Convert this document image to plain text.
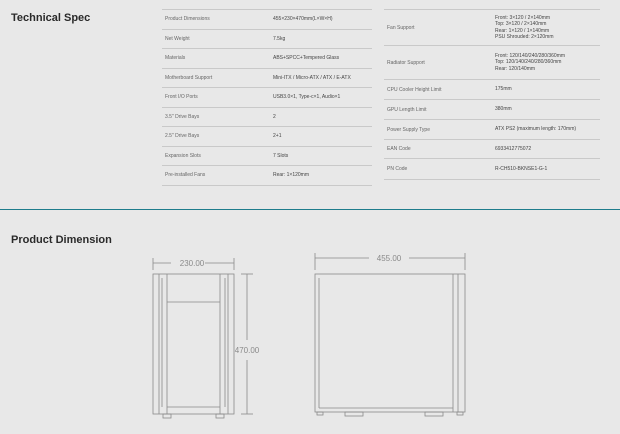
Technical Spec	Product Dimensions	455×230×470mm(L×W×H)

Net Weight	7.5kg

Materials	ABS+SPCC+Tempered Glass

Motherboard Support	Mini-ITX / Micro-ATX / ATX / E-ATX

Front I/O Ports	USB3.0×1, Type-c×1, Audio×1

3.5" Drive Bays	2

2.5" Drive Bays	2+1

Expansion Slots	7 Slots

Pre-installed Fans	Rear: 1×120mm
Fan Support	Front: 3×120 / 2×140mm
Top: 3×120 / 2×140mm
Rear: 1×120 / 1×140mm
PSU Shrouded: 2×120mm

Radiator Support	Front: 120/140/240/280/360mm
Top: 120/140/240/280/360mm
Rear: 120/140mm

CPU Cooler Height Limit	175mm

GPU Length Limit	380mm

Power Supply Type	ATX PS2 (maximum length: 170mm)

EAN Code	6933412775072

PN Code	R-CH510-BKNSE1-G-1
Product Dimension
230.00
470.00
455.00
